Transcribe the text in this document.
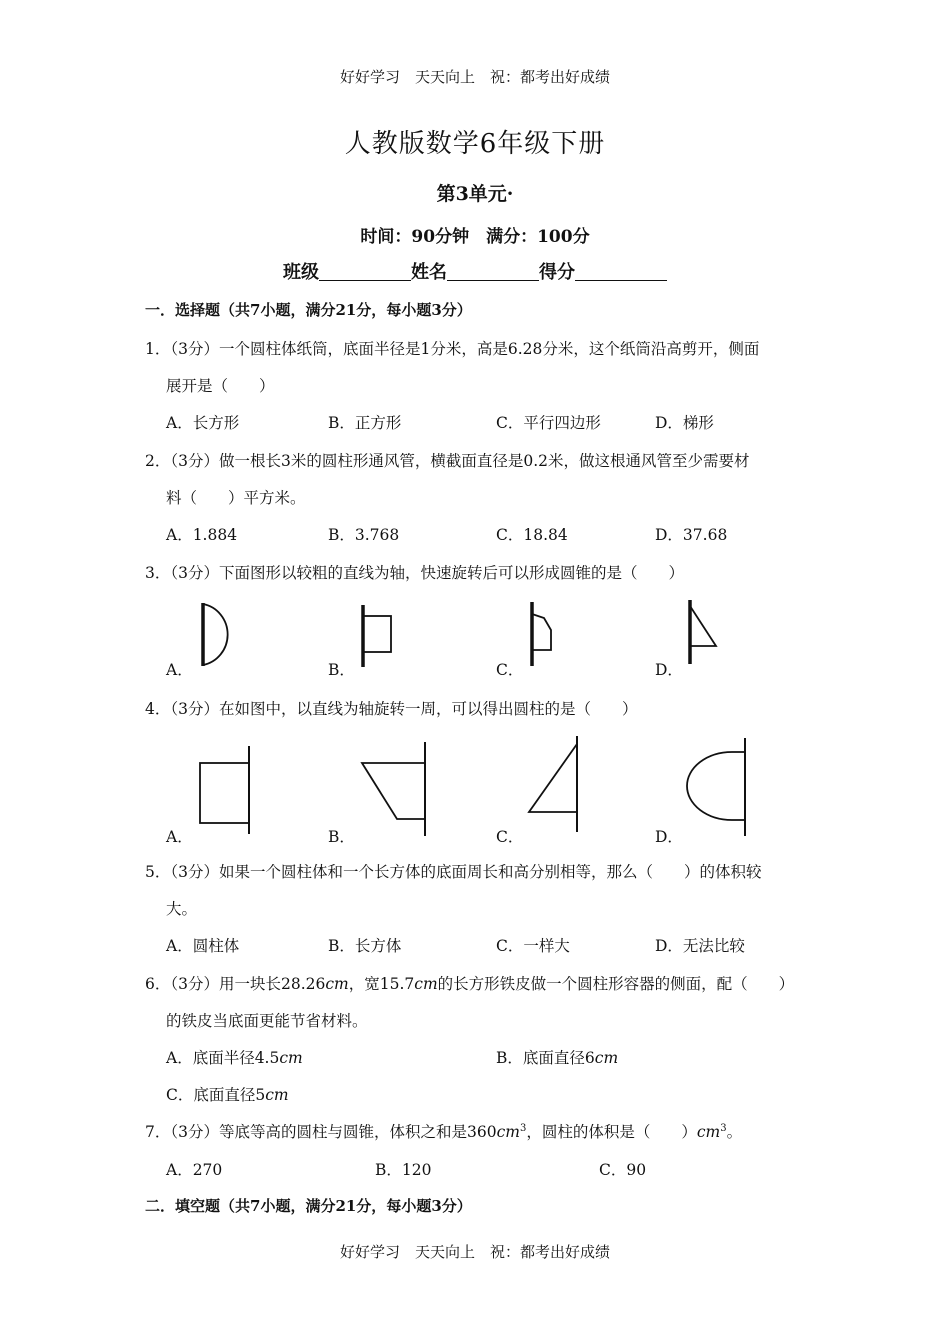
好好学习　天天向上　祝：都考出好成绩
人教版数学6年级下册
第3单元·
时间：90分钟　满分：100分
班级	姓名	得分
一．选择题（共7小题，满分21分，每小题3分）
1．（3分）一个圆柱体纸筒，底面半径是1分米，高是6.28分米，这个纸筒沿高剪开，侧面
展开是（　　）
A．长方形	B．正方形	C．平行四边形	D．梯形
2．（3分）做一根长3米的圆柱形通风管，横截面直径是0.2米，做这根通风管至少需要材
料（　　）平方米。
A．1.884	B．3.768	C．18.84	D．37.68
3．（3分）下面图形以较粗的直线为轴，快速旋转后可以形成圆锥的是（　　）
A．	B．	C．	D．
4．（3分）在如图中，以直线为轴旋转一周，可以得出圆柱的是（　　）
A．	B．	C．	D．
5．（3分）如果一个圆柱体和一个长方体的底面周长和高分别相等，那么（　　）的体积较
大。
A．圆柱体	B．长方体	C．一样大	D．无法比较
6．（3分）用一块长28.26cm，宽15.7cm的长方形铁皮做一个圆柱形容器的侧面，配（　　）
的铁皮当底面更能节省材料。
A．底面半径4.5cm	B．底面直径6cm
C．底面直径5cm
7．（3分）等底等高的圆柱与圆锥，体积之和是$360cm^3$，圆柱的体积是（　　）$cm^3$。
A．270	B．120	C．90
二．填空题（共7小题，满分21分，每小题3分）
好好学习　天天向上　祝：都考出好成绩
